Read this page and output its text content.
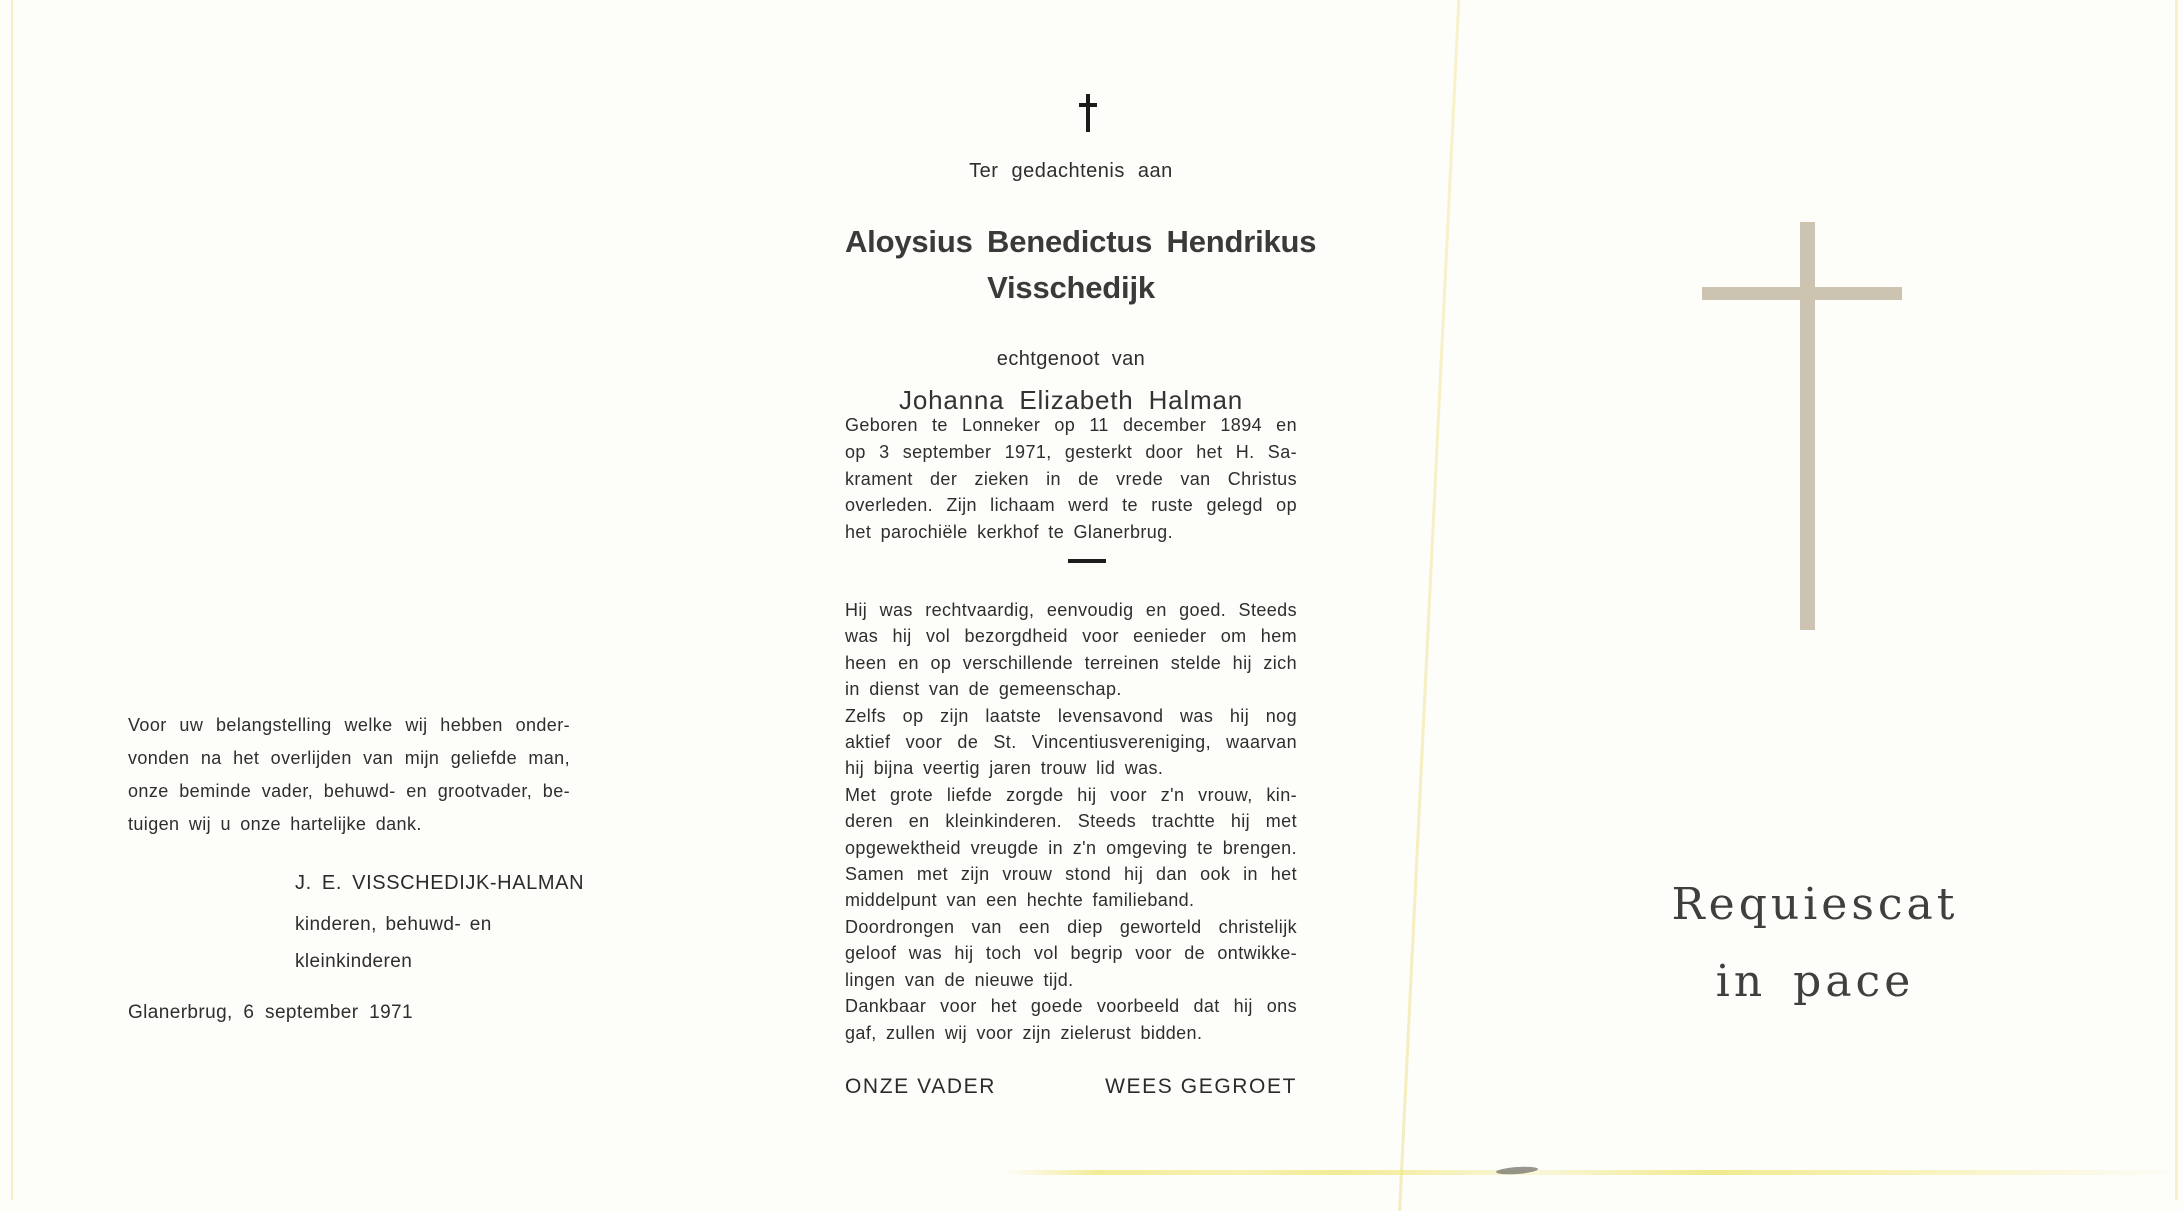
Voor uw belangstelling welke wij hebben onder-
vonden na het overlijden van mijn geliefde man,
onze beminde vader, behuwd- en grootvader, be-
tuigen wij u onze hartelijke dank.
J. E. VISSCHEDIJK-HALMAN
kinderen, behuwd- en
kleinkinderen
Glanerbrug, 6 september 1971
Ter gedachtenis aan
Aloysius Benedictus Hendrikus
Visschedijk
echtgenoot van
Johanna Elizabeth Halman
Geboren te Lonneker op 11 december 1894 en
op 3 september 1971, gesterkt door het H. Sa-
krament der zieken in de vrede van Christus
overleden. Zijn lichaam werd te ruste gelegd op
het parochiële kerkhof te Glanerbrug.
Hij was rechtvaardig, eenvoudig en goed. Steeds
was hij vol bezorgdheid voor eenieder om hem
heen en op verschillende terreinen stelde hij zich
in dienst van de gemeenschap.
Zelfs op zijn laatste levensavond was hij nog
aktief voor de St. Vincentiusvereniging, waarvan
hij bijna veertig jaren trouw lid was.
Met grote liefde zorgde hij voor z'n vrouw, kin-
deren en kleinkinderen. Steeds trachtte hij met
opgewektheid vreugde in z'n omgeving te brengen.
Samen met zijn vrouw stond hij dan ook in het
middelpunt van een hechte familieband.
Doordrongen van een diep geworteld christelijk
geloof was hij toch vol begrip voor de ontwikke-
lingen van de nieuwe tijd.
Dankbaar voor het goede voorbeeld dat hij ons
gaf, zullen wij voor zijn zielerust bidden.
ONZE VADER	WEES GEGROET
Requiescat
in pace
